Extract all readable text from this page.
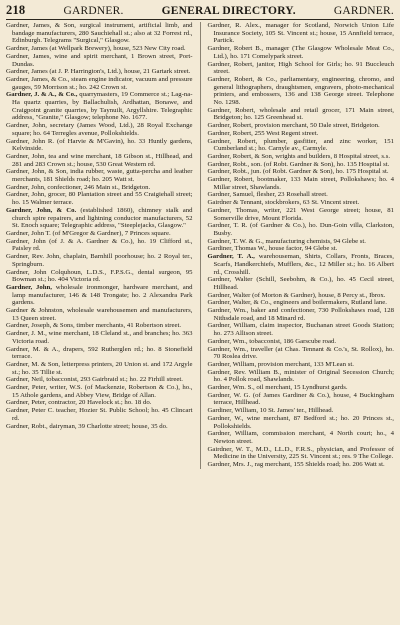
218	GARDNER.	GENERAL DIRECTORY.	GARDNER.

Gardner, James, & Son, surgical instrument, artificial limb, and bandage manufacturers, 280 Sauchiehall st.; also at 32 Forrest rd., Edinburgh. Telegrams "Surgical," Glasgow.

Gardner, James (at Wellpark Brewery), house, 523 New City road.

Gardner, James, wine and spirit merchant, 1 Brown street, Port-Dundas.

Gardner, James (at J. P. Harrington's, Ltd.), house, 21 Gartark street.

Gardner, James, & Co., steam engine indicator, vacuum and pressure gauges, 59 Morrison st.; ho. 242 Crown st.

Gardner, J. & A., & Co., quarrymasters, 19 Commerce st.; Lag-na-Ha quartz quarries, by Ballachulish, Ardhattan, Bonawe, and Craigpoint granite quarries, by Taynuilt, Argyllshire. Telegraphic address, "Granite," Glasgow; telephone No. 1677.

Gardner, John, secretary (James Wood, Ltd.), 28 Royal Exchange square; ho. 64 Terregles avenue, Pollokshields.

Gardner, John R. (of Harvie & M'Gavin), ho. 33 Huntly gardens, Kelvinside.

Gardner, John, tea and wine merchant, 18 Gibson st., Hillhead, and 281 and 283 Crown st.; house, 530 Great Western rd.

Gardner, John, & Son, india rubber, waste, gutta-percha and leather merchants, 181 Shields road; ho. 205 Watt st.

Gardner, John, confectioner, 246 Main st., Bridgeton.

Gardner, John, grocer, 80 Plantation street and 55 Craigiehall street; ho. 15 Walmer terrace.

Gardner, John, & Co. (established 1860), chimney stalk and church spire repairers, and lightning conductor manufacturers, 52 St. Enoch square; Telegraphic address, "Steeplejacks, Glasgow."

Gardner, John T. (of M'Gregor & Gardner), 7 Princes square.

Gardner, John (of J. & A. Gardner & Co.), ho. 19 Clifford st., Paisley rd.

Gardner, Rev. John, chaplain, Barnhill poorhouse; ho. 2 Royal ter., Springburn.

Gardner, John Colquhoun, L.D.S., F.P.S.G., dental surgeon, 95 Bowman st.; ho. 404 Victoria rd.

Gardner, John, wholesale ironmonger, hardware merchant, and lamp manufacturer, 146 & 148 Trongate; ho. 2 Alexandra Park gardens.

Gardner & Johnston, wholesale warehousemen and manufacturers, 13 Queen street.

Gardner, Joseph, & Sons, timber merchants, 41 Robertson street.

Gardner, J. M., wine merchant, 18 Cleland st., and branches; ho. 363 Victoria road.

Gardner, M. & A., drapers, 592 Rutherglen rd.; ho. 8 Stonefield terrace.

Gardner, M. & Son, letterpress printers, 20 Union st. and 172 Argyle st.; ho. 35 Tillie st.

Gardner, Neil, tobacconist, 293 Gairbraid st.; ho. 22 Firhill street.

Gardner, Peter, writer, W.S. (of Mackenzie, Robertson & Co.), ho., 15 Athole gardens, and Abbey View, Bridge of Allan.

Gardner, Peter, contractor, 20 Havelock st.; ho. 18 do.

Gardner, Peter C. teacher, Hozier St. Public School; ho. 45 Clincart rd.

Gardner, Robt., dairyman, 39 Charlotte street; house, 35 do.

Gardner, R. Alex., manager for Scotland, Norwich Union Life Insurance Society, 105 St. Vincent st.; house, 15 Annfield terrace, Partick.

Gardner, Robert B., manager (The Glasgow Wholesale Meat Co., Ltd.), ho. 171 Comelypark street.

Gardner, Robert, janitor, High School for Girls; ho. 91 Buccleuch street.

Gardner, Robert, & Co., parliamentary, engineering, chromo, and general lithographers, draughtsmen, engravers, photo-mechanical printers, and embossers, 136 and 138 George street. Telephone No. 1298.

Gardner, Robert, wholesale and retail grocer, 171 Main street, Bridgeton; ho. 125 Greenhead st.

Gardner, Robert, provision merchant, 50 Dale street, Bridgeton.

Gardner, Robert, 255 West Regent street.

Gardner, Robert, plumber, gasfitter, and zinc worker, 151 Cumberland st.; ho. Carnyle av., Carmyle.

Gardner, Robert, & Son, wrights and builders, 8 Hospital street, s.s.

Gardner, Robt., son. (of Robt. Gardner & Son), ho. 135 Hospital st.

Gardner, Robt., jun. (of Robt. Gardner & Son), ho. 175 Hospital st.

Gardner, Robert, bootmaker, 133 Main street, Pollokshaws; ho. 4 Millar street, Shawlands.

Gardner, Samuel, flesher, 23 Rosehall street.

Gairdner & Tennant, stockbrokers, 63 St. Vincent street.

Gardner, Thomas, writer, 221 West George street; house, 81 Somerville drive, Mount Florida.

Gardner, T. R. (of Gardner & Co.), ho. Dun-Goin villa, Clarkston, Busby.

Gardner, T. W. & G., manufacturing chemists, 94 Glebe st.

Gardiner, Thomas W., house factor, 94 Glebe st.

Gardner, T. A., warehouseman, Shirts, Collars, Fronts, Braces, Scarfs, Handkerchiefs, Mufflers, &c., 12 Miller st.; ho. 16 Albert rd., Crosshill.

Gardner, Walter (Schill, Seebohm, & Co.), ho. 45 Cecil street, Hillhead.

Gardner, Walter (of Morton & Gardner), house, 8 Percy st., Ibrox.

Gardner, Walter, & Co., engineers and boilermakers, Rutland lane.

Gardner, Wm., baker and confectioner, 730 Pollokshaws road, 128 Nithsdale road, and 18 Minard rd.

Gardner, William, claim inspector, Buchanan street Goods Station; ho. 273 Allison street.

Gardner, Wm., tobacconist, 186 Garscube road.

Gardner, Wm., traveller (at Chas. Tennant & Co.'s, St. Rollox), ho. 70 Roslea drive.

Gardner, William, provision merchant, 133 M'Lean st.

Gardner, Rev. William B., minister of Original Secession Church; ho. 4 Pollok road, Shawlands.

Gardner, Wm. S., oil merchant, 15 Lyndhurst gards.

Gardner, W. G. (of James Gardiner & Co.), house, 4 Buckingham terrace, Hillhead.

Gardiner, William, 10 St. James' ter., Hillhead.

Gardner, W., wine merchant, 87 Bedford st.; ho. 20 Princes st., Pollokshields.

Gardner, William, commission merchant, 4 North court; ho., 4 Newton street.

Gairdner, W. T., M.D., LL.D., F.R.S., physician, and Professor of Medicine in the University, 225 St. Vincent st.; res. 9 The College.

Gardner, Mrs. J., rag merchant, 155 Shields road; ho. 206 Watt st.
